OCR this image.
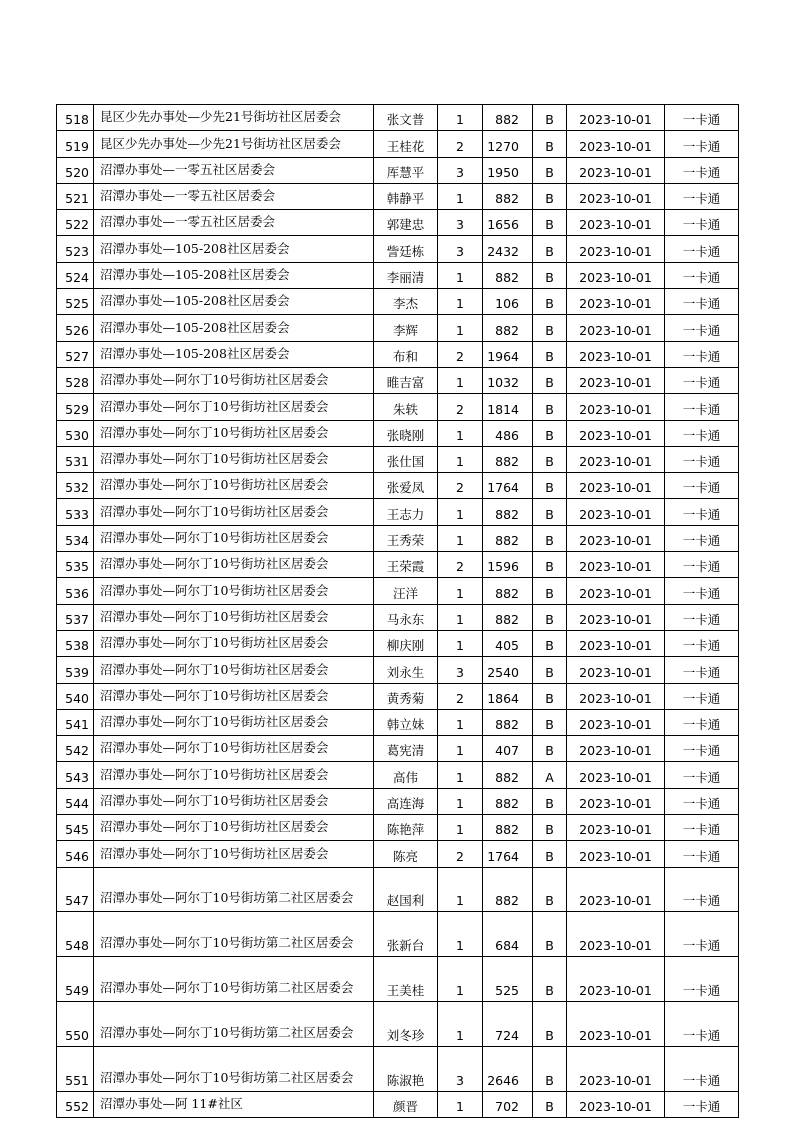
518	昆区少先办事处—少先21号街坊社区居委会	张文普	1	882	B	2023-10-01	一卡通
519	昆区少先办事处—少先21号街坊社区居委会	王桂花	2	1270	B	2023-10-01	一卡通
520	沼潭办事处—一零五社区居委会	厍慧平	3	1950	B	2023-10-01	一卡通
521	沼潭办事处—一零五社区居委会	韩静平	1	882	B	2023-10-01	一卡通
522	沼潭办事处—一零五社区居委会	郭建忠	3	1656	B	2023-10-01	一卡通
523	沼潭办事处—105-208社区居委会	訾廷栋	3	2432	B	2023-10-01	一卡通
524	沼潭办事处—105-208社区居委会	李丽清	1	882	B	2023-10-01	一卡通
525	沼潭办事处—105-208社区居委会	李杰	1	106	B	2023-10-01	一卡通
526	沼潭办事处—105-208社区居委会	李辉	1	882	B	2023-10-01	一卡通
527	沼潭办事处—105-208社区居委会	布和	2	1964	B	2023-10-01	一卡通
528	沼潭办事处—阿尔丁10号街坊社区居委会	睢吉富	1	1032	B	2023-10-01	一卡通
529	沼潭办事处—阿尔丁10号街坊社区居委会	朱轶	2	1814	B	2023-10-01	一卡通
530	沼潭办事处—阿尔丁10号街坊社区居委会	张晓刚	1	486	B	2023-10-01	一卡通
531	沼潭办事处—阿尔丁10号街坊社区居委会	张仕国	1	882	B	2023-10-01	一卡通
532	沼潭办事处—阿尔丁10号街坊社区居委会	张爱凤	2	1764	B	2023-10-01	一卡通
533	沼潭办事处—阿尔丁10号街坊社区居委会	王志力	1	882	B	2023-10-01	一卡通
534	沼潭办事处—阿尔丁10号街坊社区居委会	王秀荣	1	882	B	2023-10-01	一卡通
535	沼潭办事处—阿尔丁10号街坊社区居委会	王荣霞	2	1596	B	2023-10-01	一卡通
536	沼潭办事处—阿尔丁10号街坊社区居委会	汪洋	1	882	B	2023-10-01	一卡通
537	沼潭办事处—阿尔丁10号街坊社区居委会	马永东	1	882	B	2023-10-01	一卡通
538	沼潭办事处—阿尔丁10号街坊社区居委会	柳庆刚	1	405	B	2023-10-01	一卡通
539	沼潭办事处—阿尔丁10号街坊社区居委会	刘永生	3	2540	B	2023-10-01	一卡通
540	沼潭办事处—阿尔丁10号街坊社区居委会	黄秀菊	2	1864	B	2023-10-01	一卡通
541	沼潭办事处—阿尔丁10号街坊社区居委会	韩立妹	1	882	B	2023-10-01	一卡通
542	沼潭办事处—阿尔丁10号街坊社区居委会	葛宪清	1	407	B	2023-10-01	一卡通
543	沼潭办事处—阿尔丁10号街坊社区居委会	高伟	1	882	A	2023-10-01	一卡通
544	沼潭办事处—阿尔丁10号街坊社区居委会	高连海	1	882	B	2023-10-01	一卡通
545	沼潭办事处—阿尔丁10号街坊社区居委会	陈艳萍	1	882	B	2023-10-01	一卡通
546	沼潭办事处—阿尔丁10号街坊社区居委会	陈亮	2	1764	B	2023-10-01	一卡通
547	沼潭办事处—阿尔丁10号街坊第二社区居委会	赵国利	1	882	B	2023-10-01	一卡通
548	沼潭办事处—阿尔丁10号街坊第二社区居委会	张新台	1	684	B	2023-10-01	一卡通
549	沼潭办事处—阿尔丁10号街坊第二社区居委会	王美桂	1	525	B	2023-10-01	一卡通
550	沼潭办事处—阿尔丁10号街坊第二社区居委会	刘冬珍	1	724	B	2023-10-01	一卡通
551	沼潭办事处—阿尔丁10号街坊第二社区居委会	陈淑艳	3	2646	B	2023-10-01	一卡通
552	沼潭办事处—阿 11#社区	颜晋	1	702	B	2023-10-01	一卡通
